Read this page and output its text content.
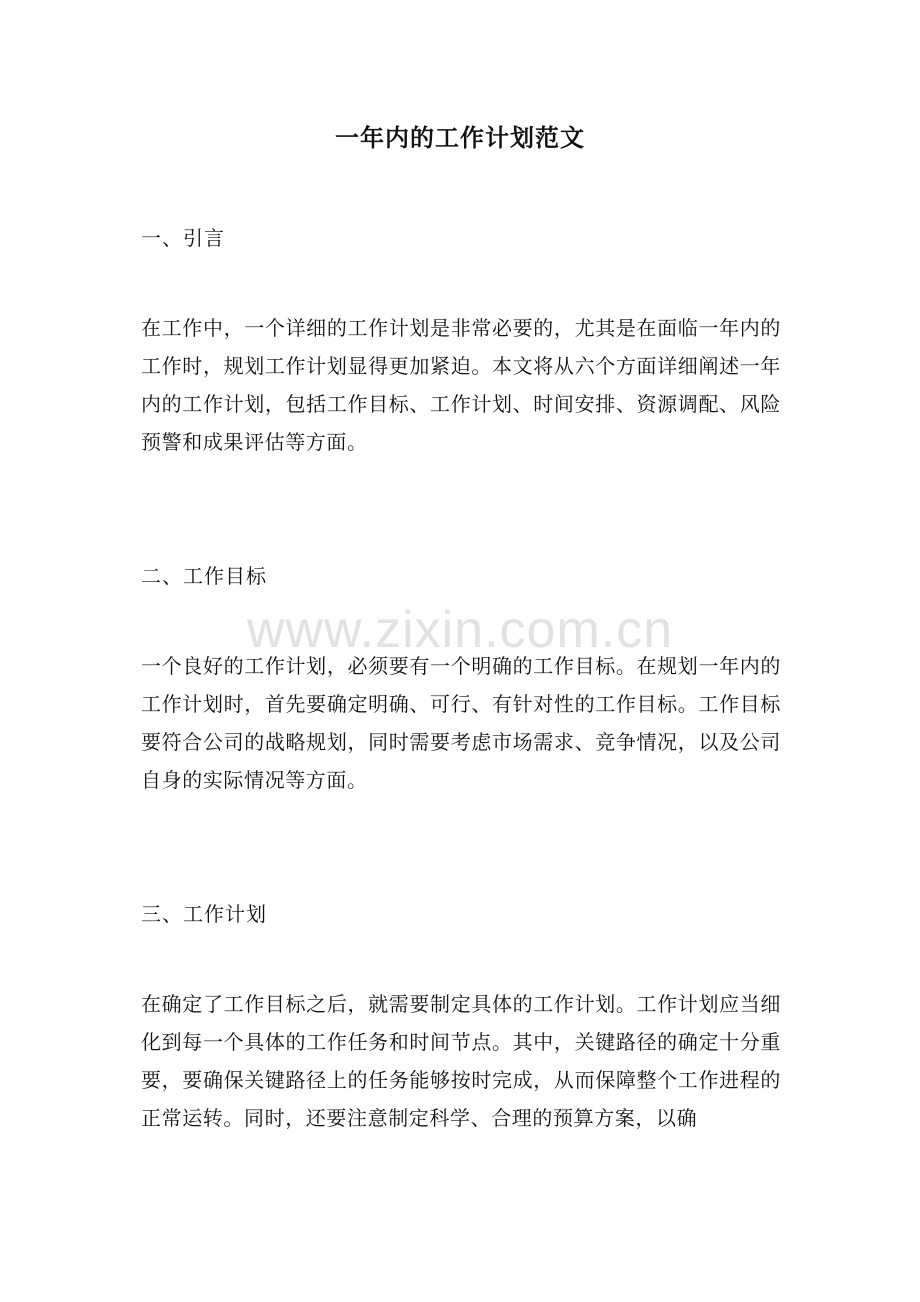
www.zixin.com.cn
一年内的工作计划范文
一、引言

在工作中，一个详细的工作计划是非常必要的，尤其是在面临一年内的工作时，规划工作计划显得更加紧迫。本文将从六个方面详细阐述一年内的工作计划，包括工作目标、工作计划、时间安排、资源调配、风险预警和成果评估等方面。

二、工作目标

一个良好的工作计划，必须要有一个明确的工作目标。在规划一年内的工作计划时，首先要确定明确、可行、有针对性的工作目标。工作目标要符合公司的战略规划，同时需要考虑市场需求、竞争情况，以及公司自身的实际情况等方面。

三、工作计划

在确定了工作目标之后，就需要制定具体的工作计划。工作计划应当细化到每一个具体的工作任务和时间节点。其中，关键路径的确定十分重要，要确保关键路径上的任务能够按时完成，从而保障整个工作进程的正常运转。同时，还要注意制定科学、合理的预算方案，以确
